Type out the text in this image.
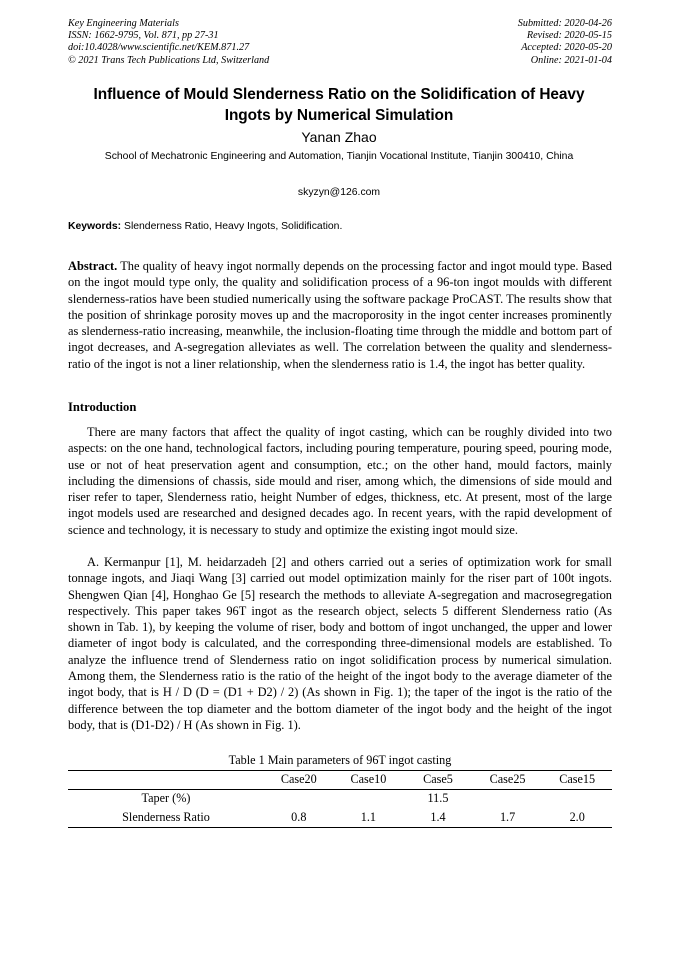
Key Engineering Materials
ISSN: 1662-9795, Vol. 871, pp 27-31
doi:10.4028/www.scientific.net/KEM.871.27
© 2021 Trans Tech Publications Ltd, Switzerland
Submitted: 2020-04-26
Revised: 2020-05-15
Accepted: 2020-05-20
Online: 2021-01-04
Influence of Mould Slenderness Ratio on the Solidification of Heavy Ingots by Numerical Simulation
Yanan Zhao
School of Mechatronic Engineering and Automation, Tianjin Vocational Institute, Tianjin 300410, China
skyzyn@126.com
Keywords: Slenderness Ratio, Heavy Ingots, Solidification.
Abstract. The quality of heavy ingot normally depends on the processing factor and ingot mould type. Based on the ingot mould type only, the quality and solidification process of a 96-ton ingot moulds with different slenderness-ratios have been studied numerically using the software package ProCAST. The results show that the position of shrinkage porosity moves up and the macroporosity in the ingot center increases prominently as slenderness-ratio increasing, meanwhile, the inclusion-floating time through the middle and bottom part of ingot decreases, and A-segregation alleviates as well. The correlation between the quality and slenderness-ratio of the ingot is not a liner relationship, when the slenderness ratio is 1.4, the ingot has better quality.
Introduction

There are many factors that affect the quality of ingot casting, which can be roughly divided into two aspects: on the one hand, technological factors, including pouring temperature, pouring speed, pouring mode, use or not of heat preservation agent and consumption, etc.; on the other hand, mould factors, mainly including the dimensions of chassis, side mould and riser, among which, the dimensions of side mould and riser refer to taper, Slenderness ratio, height Number of edges, thickness, etc. At present, most of the large ingot models used are researched and designed decades ago. In recent years, with the rapid development of science and technology, it is necessary to study and optimize the existing ingot mould size.

A. Kermanpur [1], M. heidarzadeh [2] and others carried out a series of optimization work for small tonnage ingots, and Jiaqi Wang [3] carried out model optimization mainly for the riser part of 100t ingots. Shengwen Qian [4], Honghao Ge [5] research the methods to alleviate A-segregation and macrosegregation respectively. This paper takes 96T ingot as the research object, selects 5 different Slenderness ratio (As shown in Tab. 1), by keeping the volume of riser, body and bottom of ingot unchanged, the upper and lower diameter of ingot body is calculated, and the corresponding three-dimensional models are established. To analyze the influence trend of Slenderness ratio on ingot solidification process by numerical simulation. Among them, the Slenderness ratio is the ratio of the height of the ingot body to the average diameter of the ingot body, that is H / D (D = (D1 + D2) / 2) (As shown in Fig. 1); the taper of the ingot is the ratio of the difference between the top diameter and the bottom diameter of the ingot body and the height of the ingot body, that is (D1-D2) / H (As shown in Fig. 1).

Table 1 Main parameters of 96T ingot casting
	Case20	Case10	Case5	Case25	Case15
Taper (%)			11.5		
Slenderness Ratio	0.8	1.1	1.4	1.7	2.0
